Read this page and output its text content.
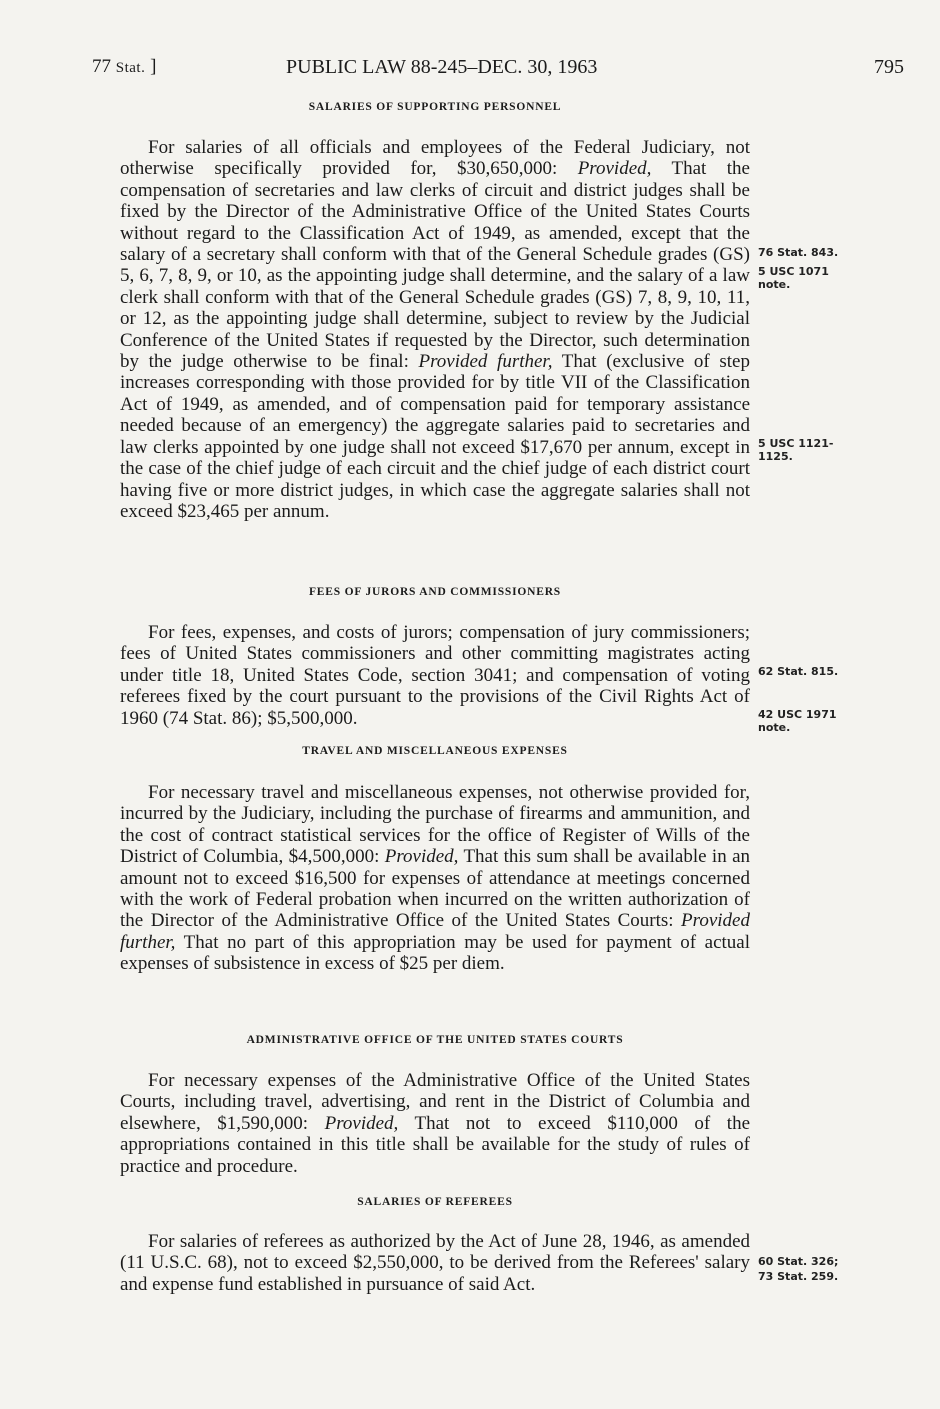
77 Stat. ]	PUBLIC LAW 88-245–DEC. 30, 1963	795
SALARIES OF SUPPORTING PERSONNEL

For salaries of all officials and employees of the Federal Judiciary, not otherwise specifically provided for, $30,650,000: Provided, That the compensation of secretaries and law clerks of circuit and district judges shall be fixed by the Director of the Administrative Office of the United States Courts without regard to the Classification Act of 1949, as amended, except that the salary of a secretary shall conform with that of the General Schedule grades (GS) 5, 6, 7, 8, 9, or 10, as the appointing judge shall determine, and the salary of a law clerk shall conform with that of the General Schedule grades (GS) 7, 8, 9, 10, 11, or 12, as the appointing judge shall determine, subject to review by the Judicial Conference of the United States if requested by the Director, such determination by the judge otherwise to be final: Provided further, That (exclusive of step increases corresponding with those provided for by title VII of the Classification Act of 1949, as amended, and of compensation paid for temporary assistance needed because of an emergency) the aggregate salaries paid to secretaries and law clerks appointed by one judge shall not exceed $17,670 per annum, except in the case of the chief judge of each circuit and the chief judge of each district court having five or more district judges, in which case the aggregate salaries shall not exceed $23,465 per annum.

FEES OF JURORS AND COMMISSIONERS

For fees, expenses, and costs of jurors; compensation of jury commissioners; fees of United States commissioners and other committing magistrates acting under title 18, United States Code, section 3041; and compensation of voting referees fixed by the court pursuant to the provisions of the Civil Rights Act of 1960 (74 Stat. 86); $5,500,000.

TRAVEL AND MISCELLANEOUS EXPENSES

For necessary travel and miscellaneous expenses, not otherwise provided for, incurred by the Judiciary, including the purchase of firearms and ammunition, and the cost of contract statistical services for the office of Register of Wills of the District of Columbia, $4,500,000: Provided, That this sum shall be available in an amount not to exceed $16,500 for expenses of attendance at meetings concerned with the work of Federal probation when incurred on the written authorization of the Director of the Administrative Office of the United States Courts: Provided further, That no part of this appropriation may be used for payment of actual expenses of subsistence in excess of $25 per diem.

ADMINISTRATIVE OFFICE OF THE UNITED STATES COURTS

For necessary expenses of the Administrative Office of the United States Courts, including travel, advertising, and rent in the District of Columbia and elsewhere, $1,590,000: Provided, That not to exceed $110,000 of the appropriations contained in this title shall be available for the study of rules of practice and procedure.

SALARIES OF REFEREES

For salaries of referees as authorized by the Act of June 28, 1946, as amended (11 U.S.C. 68), not to exceed $2,550,000, to be derived from the Referees' salary and expense fund established in pursuance of said Act.

76 Stat. 843.
5 USC 1071 note.
5 USC 1121-1125.
62 Stat. 815.
42 USC 1971 note.
60 Stat. 326;
73 Stat. 259.
